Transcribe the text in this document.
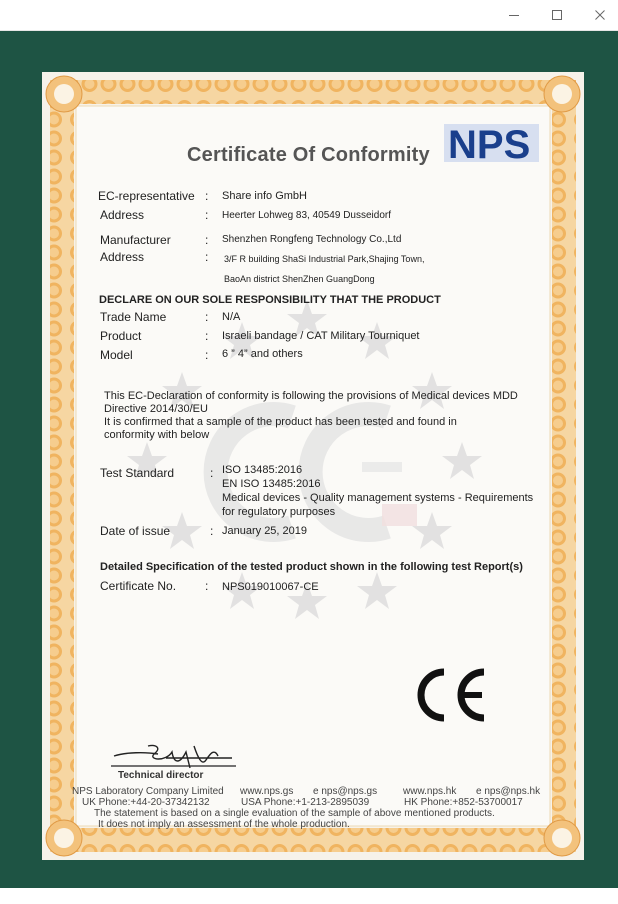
Certificate Of Conformity NPS
EC-representative : Share info GmbH
Address	: Heerter Lohweg 83, 40549 Dusseidorf
Manufacturer	: Shenzhen Rongfeng Technology Co.,Ltd
Address	: 3/F R building ShaSi Industrial Park,Shajing Town,
BaoAn district ShenZhen GuangDong
DECLARE ON OUR SOLE RESPONSIBILITY THAT THE PRODUCT
Trade Name	: N/A
Product	: Israeli bandage / CAT Military Tourniquet
Model	: 6 ” 4” and others
This EC-Declaration of conformity is following the provisions of Medical devices MDD
Directive 2014/30/EU
It is confirmed that a sample of the product has been tested and found in
conformity with below
Test Standard	: ISO 13485:2016
EN ISO 13485:2016
Medical devices - Quality management systems - Requirements
for regulatory purposes
Date of issue	: January 25, 2019
Detailed Specification of the tested product shown in the following test Report(s)
Certificate No. : NPS019010067-CE
Technical director
NPS Laboratory Company Limited www.nps.gs e nps@nps.gs	www.nps.hk e nps@nps.hk
UK Phone:+44-20-37342132	USA Phone:+1-213-2895039	HK Phone:+852-53700017
The statement is based on a single evaluation of the sample of above mentioned products.
It does not imply an assessment of the whole production.
